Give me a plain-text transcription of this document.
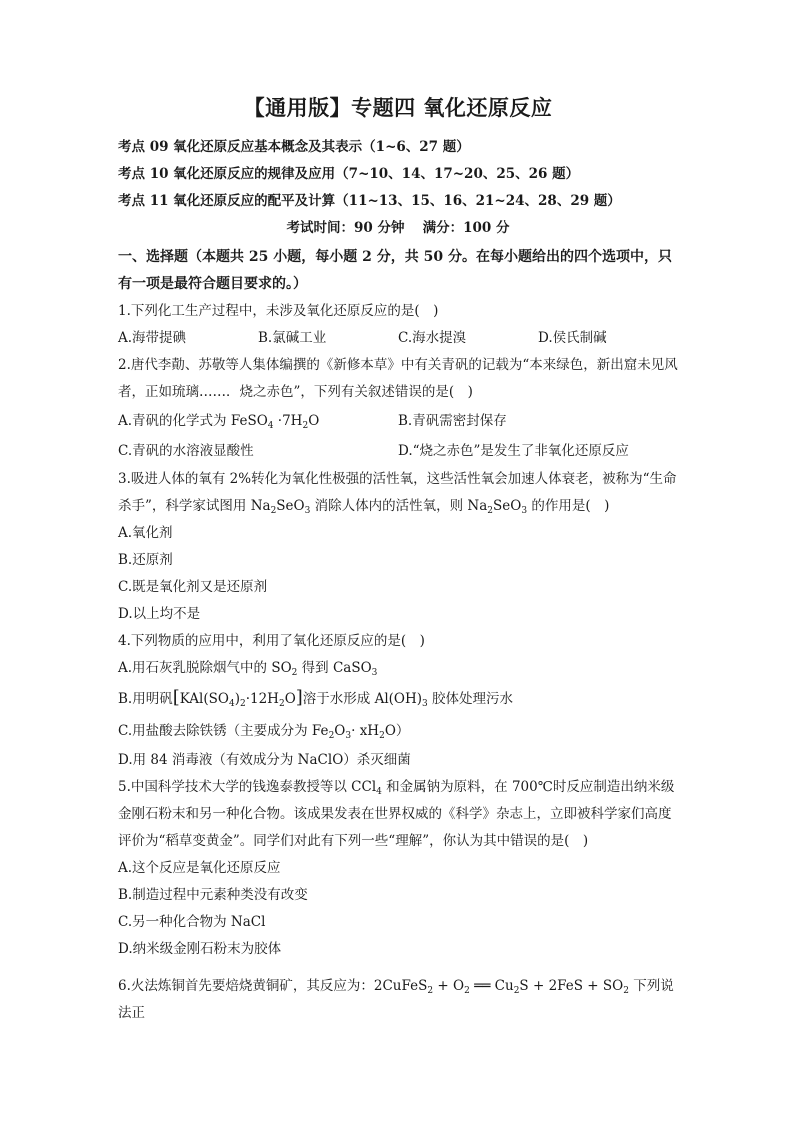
【通用版】专题四 氧化还原反应
考点 09 氧化还原反应基本概念及其表示（1~6、27 题）
考点 10 氧化还原反应的规律及应用（7~10、14、17~20、25、26 题）
考点 11 氧化还原反应的配平及计算（11~13、15、16、21~24、28、29 题）
考试时间：90 分钟　 满分：100 分
一、选择题（本题共 25 小题，每小题 2 分，共 50 分。在每小题给出的四个选项中，只有一项是最符合题目要求的。）
1.下列化工生产过程中，未涉及氧化还原反应的是(　)
A.海带提碘	B.氯碱工业	C.海水提溴	D.侯氏制碱
2.唐代李勣、苏敬等人集体编撰的《新修本草》中有关青矾的记载为“本来绿色，新出窟未见风者，正如琉璃……．烧之赤色”，下列有关叙述错误的是(　)
A.青矾的化学式为 FeSO$_4$ $\cdot 7H_2O$	B.青矾需密封保存
C.青矾的水溶液显酸性	D.“烧之赤色”是发生了非氧化还原反应
3.吸进人体的氧有 2%转化为氧化性极强的活性氧，这些活性氧会加速人体衰老，被称为“生命杀手”，科学家试图用 $Na_2SeO_3$ 消除人体内的活性氧，则 $Na_2SeO_3$ 的作用是(　)
A.氧化剂
B.还原剂
C.既是氧化剂又是还原剂
D.以上均不是
4.下列物质的应用中，利用了氧化还原反应的是(　)
A.用石灰乳脱除烟气中的 $SO_2$ 得到 CaSO$_3$
B.用明矾$[KAl(SO_4)_2\cdot 12H_2O]$溶于水形成 $Al(OH)_3$ 胶体处理污水
C.用盐酸去除铁锈（主要成分为 $Fe_2O_3\cdot xH_2O$）
D.用 84 消毒液（有效成分为 NaClO）杀灭细菌
5.中国科学技术大学的钱逸泰教授等以 CCl$_4$ 和金属钠为原料，在 700℃时反应制造出纳米级金刚石粉末和另一种化合物。该成果发表在世界权威的《科学》杂志上，立即被科学家们高度评价为“稻草变黄金”。同学们对此有下列一些“理解”，你认为其中错误的是(　)
A.这个反应是氧化还原反应
B.制造过程中元素种类没有改变
C.另一种化合物为 NaCl
D.纳米级金刚石粉末为胶体
6.火法炼铜首先要焙烧黄铜矿，其反应为：2CuFeS$_2$ + $O_2$ ══ $Cu_2S + 2FeS + SO_2$ 下列说法正
